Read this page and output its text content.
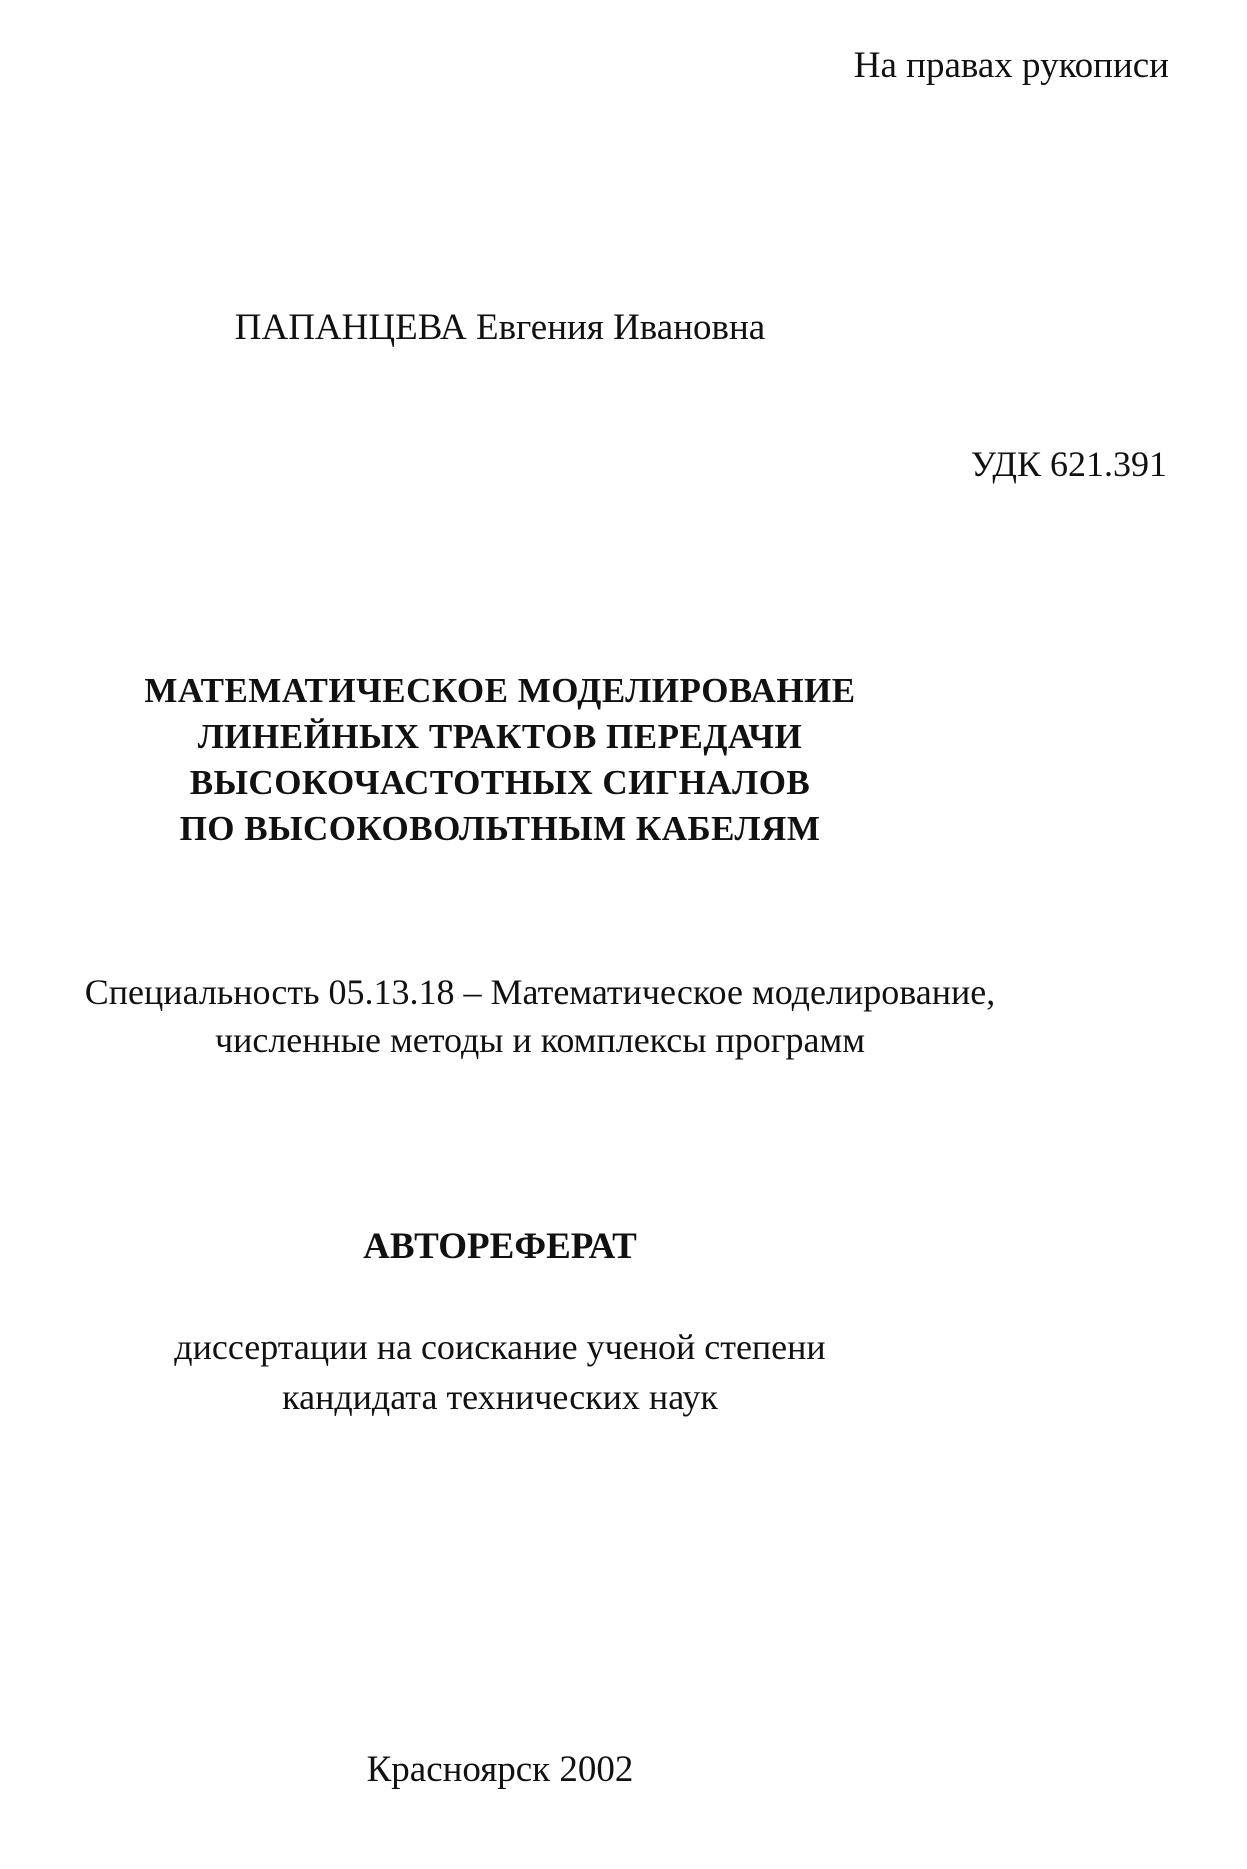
На правах рукописи
ПАПАНЦЕВА Евгения Ивановна
УДК 621.391
МАТЕМАТИЧЕСКОЕ МОДЕЛИРОВАНИЕ
ЛИНЕЙНЫХ ТРАКТОВ ПЕРЕДАЧИ
ВЫСОКОЧАСТОТНЫХ СИГНАЛОВ
ПО ВЫСОКОВОЛЬТНЫМ КАБЕЛЯМ
Специальность 05.13.18 – Математическое моделирование,
численные методы и комплексы программ
АВТОРЕФЕРАТ
диссертации на соискание ученой степени
кандидата технических наук
Красноярск 2002
